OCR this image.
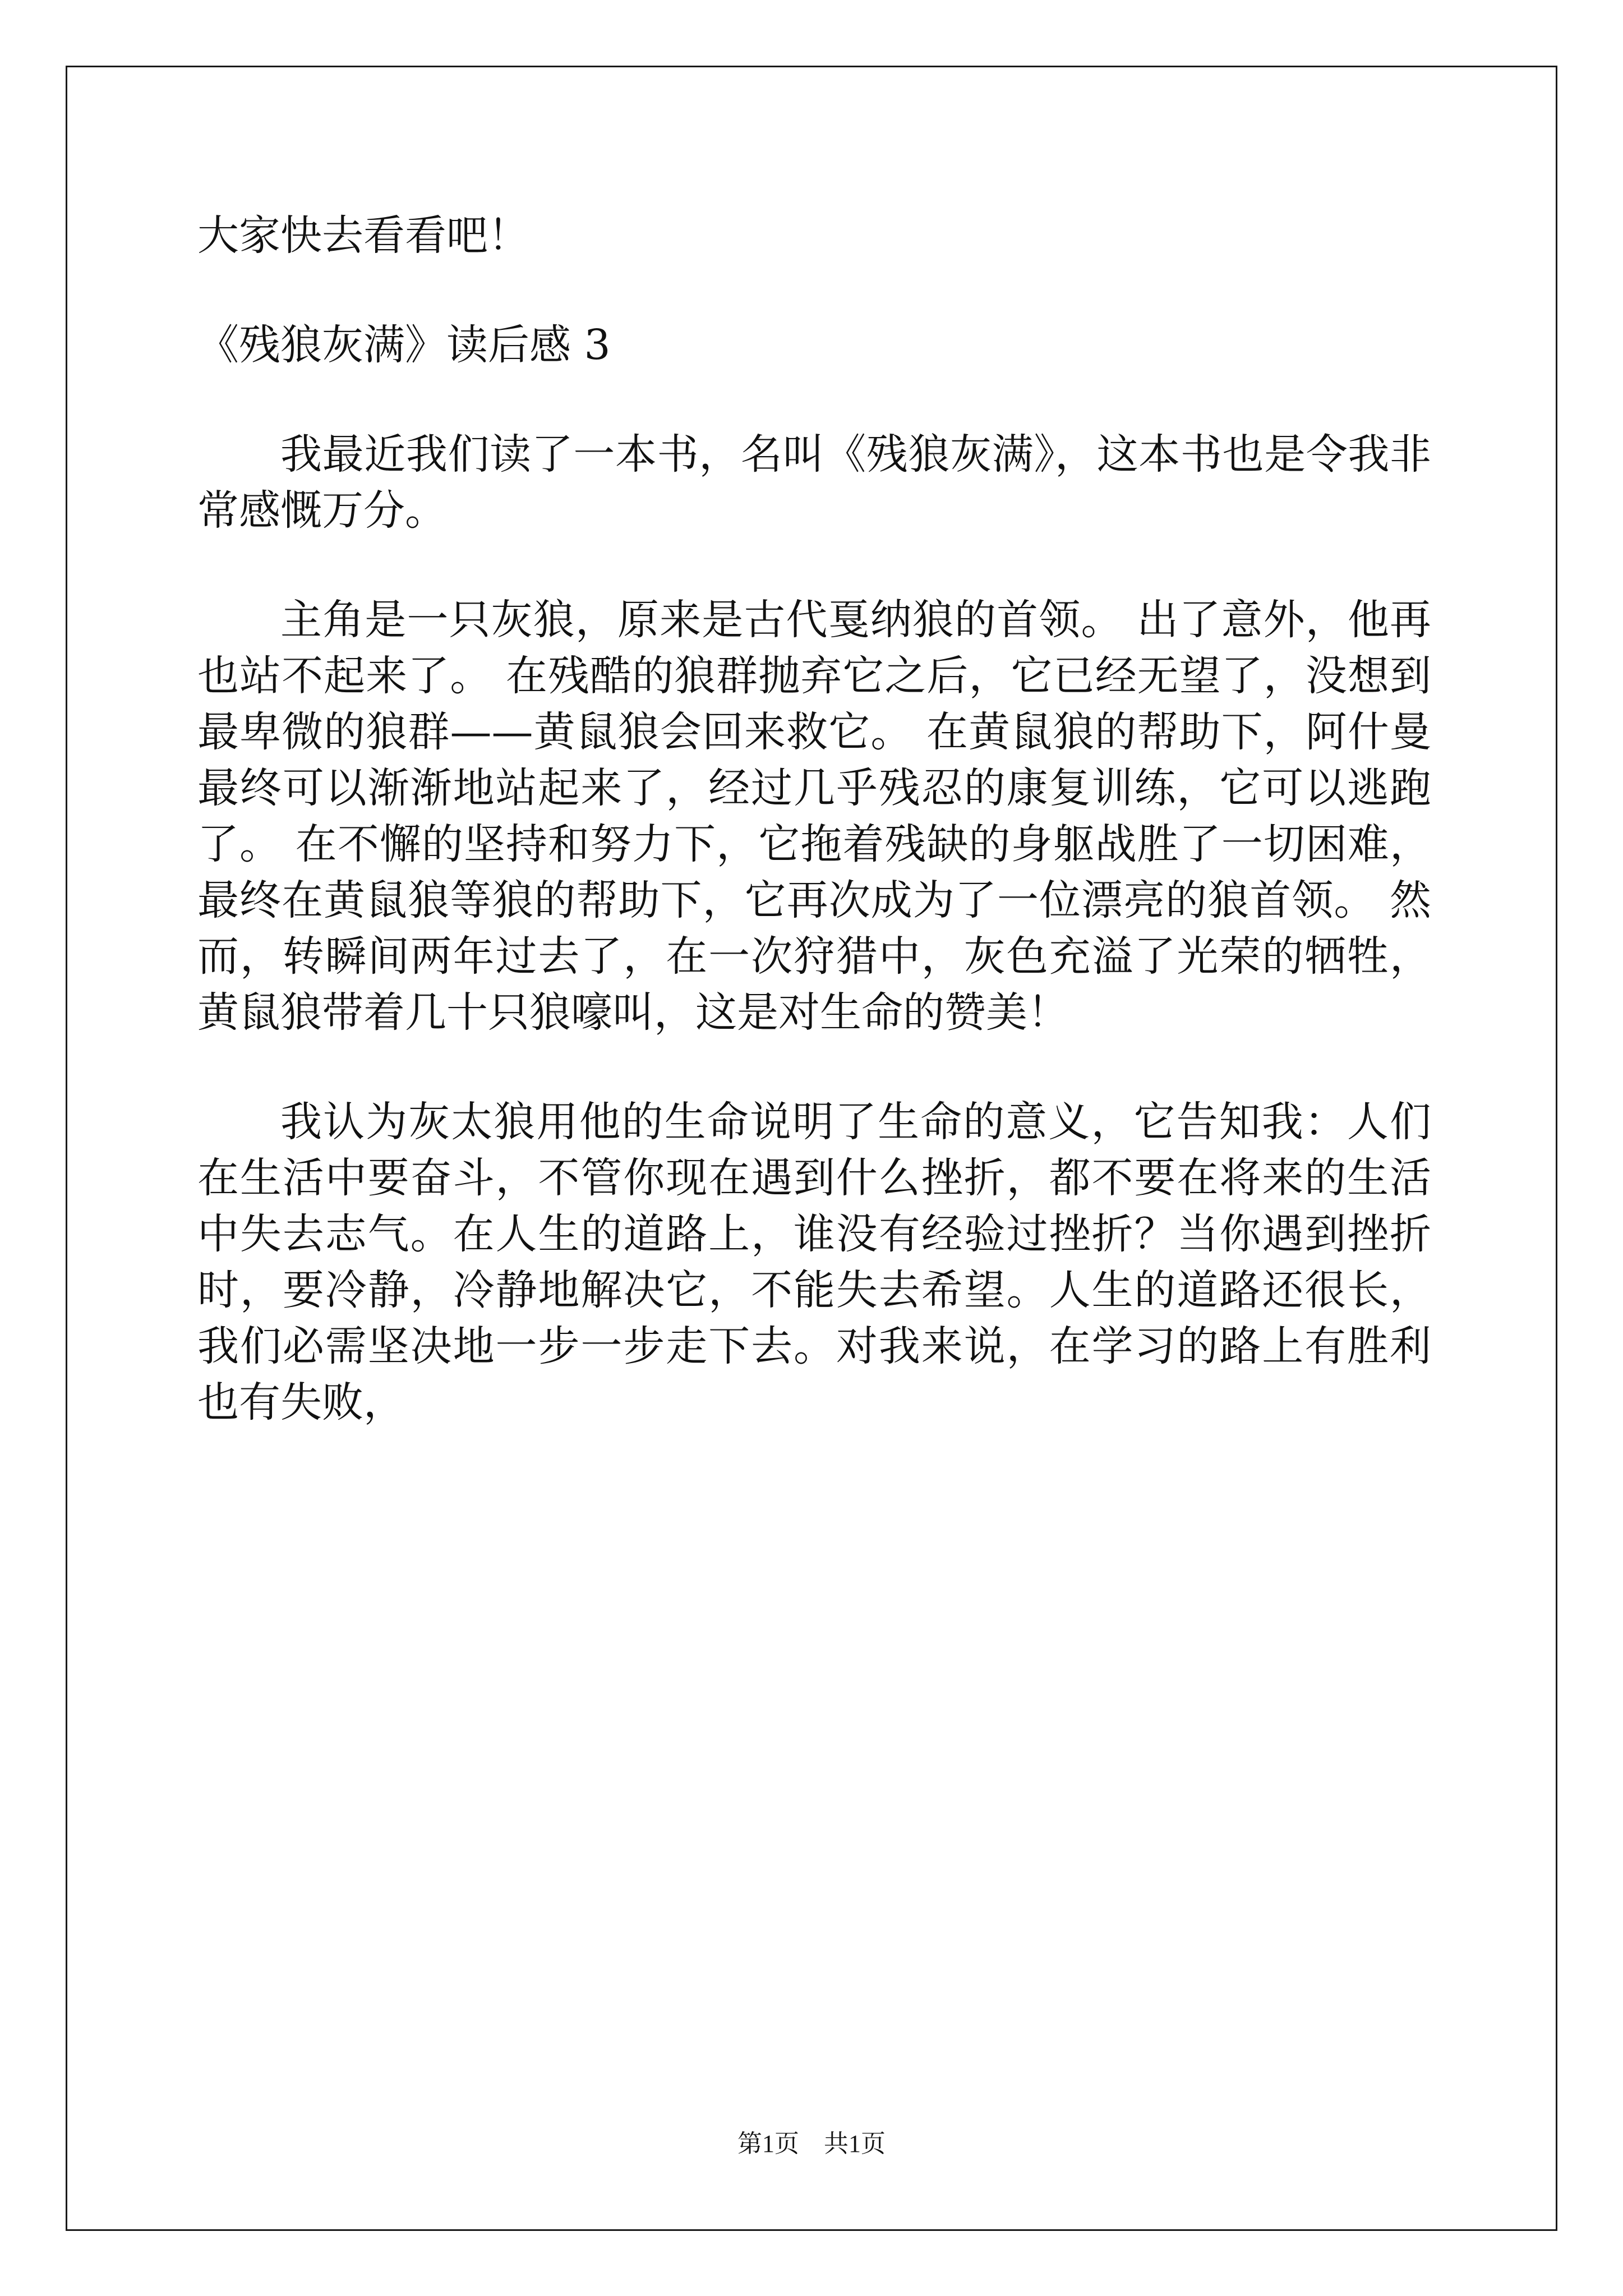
大家快去看看吧！

《残狼灰满》读后感 3

我最近我们读了一本书，名叫《残狼灰满》，这本书也是令我非常感慨万分。

主角是一只灰狼，原来是古代戛纳狼的首领。 出了意外，他再也站不起来了。 在残酷的狼群抛弃它之后，它已经无望了，没想到最卑微的狼群——黄鼠狼会回来救它。 在黄鼠狼的帮助下，阿什曼最终可以渐渐地站起来了，经过几乎残忍的康复训练，它可以逃跑了。 在不懈的坚持和努力下，它拖着残缺的身躯战胜了一切困难，最终在黄鼠狼等狼的帮助下，它再次成为了一位漂亮的狼首领。 然而，转瞬间两年过去了，在一次狩猎中，灰色充溢了光荣的牺牲，黄鼠狼带着几十只狼嚎叫，这是对生命的赞美！

我认为灰太狼用他的生命说明了生命的意义，它告知我：人们在生活中要奋斗，不管你现在遇到什么挫折，都不要在将来的生活中失去志气。在人生的道路上，谁没有经验过挫折？当你遇到挫折时，要冷静，冷静地解决它，不能失去希望。人生的道路还很长，我们必需坚决地一步一步走下去。对我来说，在学习的路上有胜利也有失败，

第1页　共1页
